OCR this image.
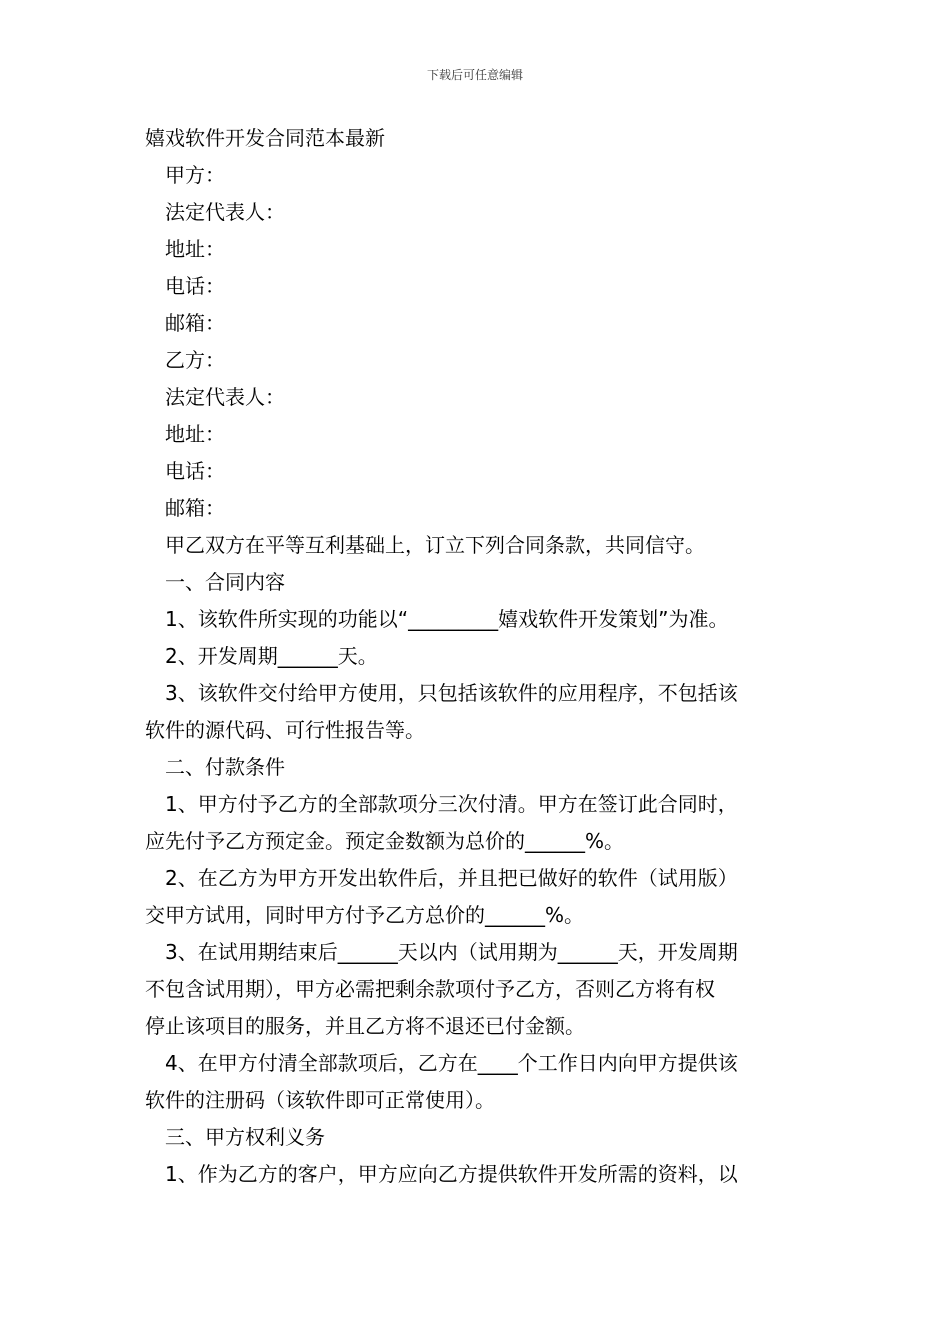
下载后可任意编辑
嬉戏软件开发合同范本最新
甲方：
法定代表人：
地址：
电话：
邮箱：
乙方：
法定代表人：
地址：
电话：
邮箱：
甲乙双方在平等互利基础上，订立下列合同条款，共同信守。
一、合同内容
1、该软件所实现的功能以“_________嬉戏软件开发策划”为准。
2、开发周期______天。
3、该软件交付给甲方使用，只包括该软件的应用程序，不包括该
软件的源代码、可行性报告等。
二、付款条件
1、甲方付予乙方的全部款项分三次付清。甲方在签订此合同时，
应先付予乙方预定金。预定金数额为总价的______%。
2、在乙方为甲方开发出软件后，并且把已做好的软件（试用版）
交甲方试用，同时甲方付予乙方总价的______%。
3、在试用期结束后______天以内（试用期为______天，开发周期
不包含试用期），甲方必需把剩余款项付予乙方，否则乙方将有权
停止该项目的服务，并且乙方将不退还已付金额。
4、在甲方付清全部款项后，乙方在____个工作日内向甲方提供该
软件的注册码（该软件即可正常使用）。
三、甲方权利义务
1、作为乙方的客户，甲方应向乙方提供软件开发所需的资料，以
